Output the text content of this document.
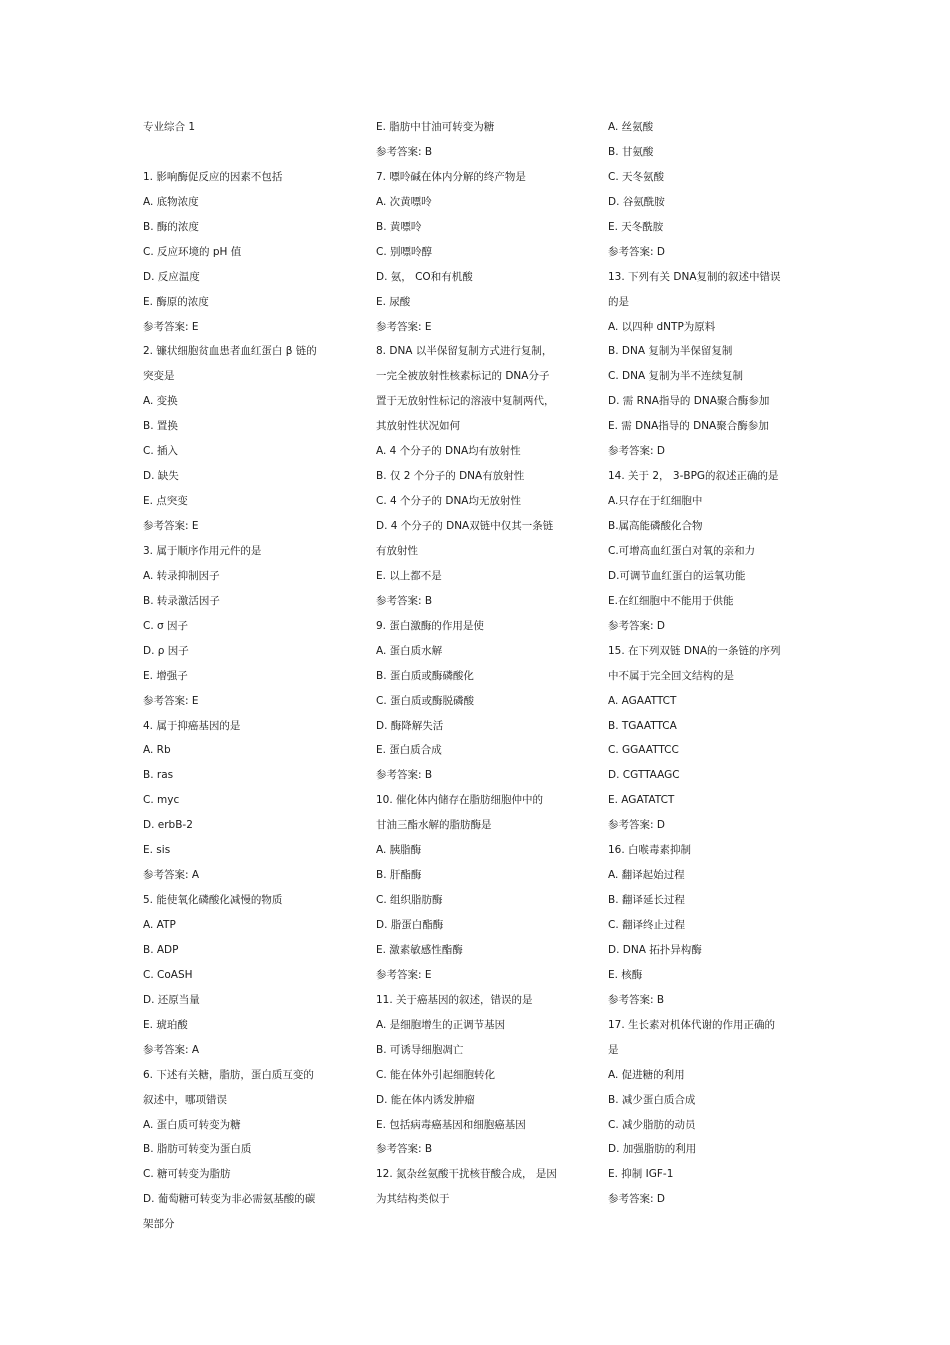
专业综合 1
1. 影响酶促反应的因素不包括
A. 底物浓度
B. 酶的浓度
C. 反应环境的 pH 值
D. 反应温度
E. 酶原的浓度
参考答案: E
2. 镰状细胞贫血患者血红蛋白 β 链的
突变是
A. 变换
B. 置换
C. 插入
D. 缺失
E. 点突变
参考答案: E
3. 属于顺序作用元件的是
A. 转录抑制因子
B. 转录激活因子
C. σ 因子
D. ρ 因子
E. 增强子
参考答案: E
4. 属于抑癌基因的是
A. Rb
B. ras
C. myc
D. erbB-2
E. sis
参考答案: A
5. 能使氧化磷酸化减慢的物质
A. ATP
B. ADP
C. CoASH
D. 还原当量
E. 琥珀酸
参考答案: A
6. 下述有关糖，脂肪，蛋白质互变的
叙述中，哪项错误
A. 蛋白质可转变为糖
B. 脂肪可转变为蛋白质
C. 糖可转变为脂肪
D. 葡萄糖可转变为非必需氨基酸的碳
架部分
E. 脂肪中甘油可转变为糖
参考答案: B
7. 嘌呤碱在体内分解的终产物是
A. 次黄嘌呤
B. 黄嘌呤
C. 别嘌呤醇
D. 氨， CO和有机酸
E. 尿酸
参考答案: E
8. DNA 以半保留复制方式进行复制，
一完全被放射性核素标记的 DNA分子
置于无放射性标记的溶液中复制两代，
其放射性状况如何
A. 4 个分子的 DNA均有放射性
B. 仅 2 个分子的 DNA有放射性
C. 4 个分子的 DNA均无放射性
D. 4 个分子的 DNA双链中仅其一条链
有放射性
E. 以上都不是
参考答案: B
9. 蛋白激酶的作用是使
A. 蛋白质水解
B. 蛋白质或酶磷酸化
C. 蛋白质或酶脱磷酸
D. 酶降解失活
E. 蛋白质合成
参考答案: B
10. 催化体内储存在脂肪细胞仲中的
甘油三酯水解的脂肪酶是
A. 胰脂酶
B. 肝酯酶
C. 组织脂肪酶
D. 脂蛋白酯酶
E. 激素敏感性酯酶
参考答案: E
11. 关于癌基因的叙述，错误的是
A. 是细胞增生的正调节基因
B. 可诱导细胞凋亡
C. 能在体外引起细胞转化
D. 能在体内诱发肿瘤
E. 包括病毒癌基因和细胞癌基因
参考答案: B
12. 氮杂丝氨酸干扰核苷酸合成， 是因
为其结构类似于
A. 丝氨酸
B. 甘氨酸
C. 天冬氨酸
D. 谷氨酰胺
E. 天冬酰胺
参考答案: D
13. 下列有关 DNA复制的叙述中错误
的是
A. 以四种 dNTP为原料
B. DNA 复制为半保留复制
C. DNA 复制为半不连续复制
D. 需 RNA指导的 DNA聚合酶参加
E. 需 DNA指导的 DNA聚合酶参加
参考答案: D
14. 关于 2， 3-BPG的叙述正确的是
A.只存在于红细胞中
B.属高能磷酸化合物
C.可增高血红蛋白对氧的亲和力
D.可调节血红蛋白的运氧功能
E.在红细胞中不能用于供能
参考答案: D
15. 在下列双链 DNA的一条链的序列
中不属于完全回文结构的是
A. AGAATTCT
B. TGAATTCA
C. GGAATTCC
D. CGTTAAGC
E. AGATATCT
参考答案: D
16. 白喉毒素抑制
A. 翻译起始过程
B. 翻译延长过程
C. 翻译终止过程
D. DNA 拓扑异构酶
E. 核酶
参考答案: B
17. 生长素对机体代谢的作用正确的
是
A. 促进糖的利用
B. 减少蛋白质合成
C. 减少脂肪的动员
D. 加强脂肪的利用
E. 抑制 IGF-1
参考答案: D
